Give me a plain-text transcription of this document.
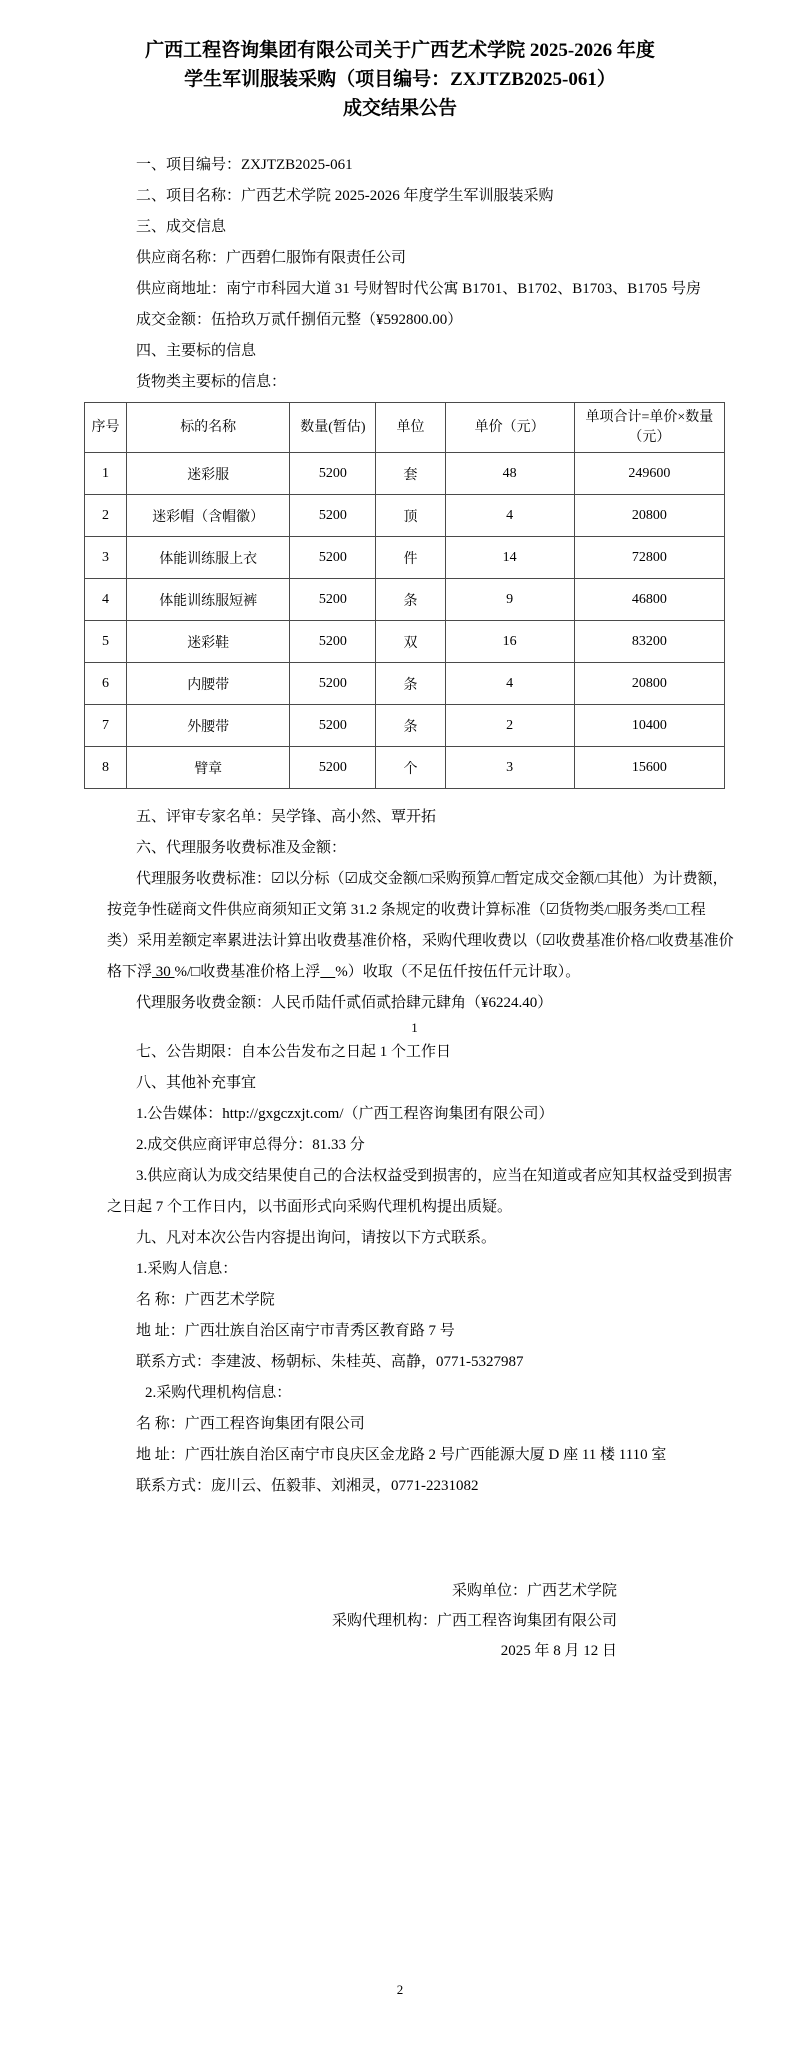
广西工程咨询集团有限公司关于广西艺术学院 2025-2026 年度
学生军训服装采购（项目编号：ZXJTZB2025-061）
成交结果公告
一、项目编号：ZXJTZB2025-061
二、项目名称：广西艺术学院 2025-2026 年度学生军训服装采购
三、成交信息
供应商名称：广西碧仁服饰有限责任公司
供应商地址：南宁市科园大道 31 号财智时代公寓 B1701、B1702、B1703、B1705 号房
成交金额：伍拾玖万贰仟捌佰元整（¥592800.00）
四、主要标的信息
货物类主要标的信息：
序号	标的名称	数量(暂估)	单位	单价（元）	单项合计=单价×数量
（元）

1	迷彩服	5200	套	48	249600
2	迷彩帽（含帽徽）	5200	顶	4	20800
3	体能训练服上衣	5200	件	14	72800
4	体能训练服短裤	5200	条	9	46800
5	迷彩鞋	5200	双	16	83200
6	内腰带	5200	条	4	20800
7	外腰带	5200	条	2	10400
8	臂章	5200	个	3	15600
五、评审专家名单：吴学锋、高小然、覃开拓
六、代理服务收费标准及金额：
代理服务收费标准：☑以分标（☑成交金额/□采购预算/□暂定成交金额/□其他）为计费额，
按竞争性磋商文件供应商须知正文第 31.2 条规定的收费计算标准（☑货物类/□服务类/□工程
类）采用差额定率累进法计算出收费基准价格，采购代理收费以（☑收费基准价格/□收费基准价
格下浮 30 %/□收费基准价格上浮 %）收取（不足伍仟按伍仟元计取）。
代理服务收费金额：人民币陆仟贰佰贰拾肆元肆角（¥6224.40）
1
七、公告期限：自本公告发布之日起 1 个工作日
八、其他补充事宜
1.公告媒体：http://gxgczxjt.com/（广西工程咨询集团有限公司）
2.成交供应商评审总得分：81.33 分
3.供应商认为成交结果使自己的合法权益受到损害的，应当在知道或者应知其权益受到损害
之日起 7 个工作日内，以书面形式向采购代理机构提出质疑。
九、凡对本次公告内容提出询问，请按以下方式联系。
1.采购人信息：
名 称：广西艺术学院
地 址：广西壮族自治区南宁市青秀区教育路 7 号
联系方式：李建波、杨朝标、朱桂英、高静，0771-5327987
2.采购代理机构信息：
名 称：广西工程咨询集团有限公司
地 址：广西壮族自治区南宁市良庆区金龙路 2 号广西能源大厦 D 座 11 楼 1110 室
联系方式：庞川云、伍毅菲、刘湘灵，0771-2231082
采购单位：广西艺术学院
采购代理机构：广西工程咨询集团有限公司
2025 年 8 月 12 日
2
